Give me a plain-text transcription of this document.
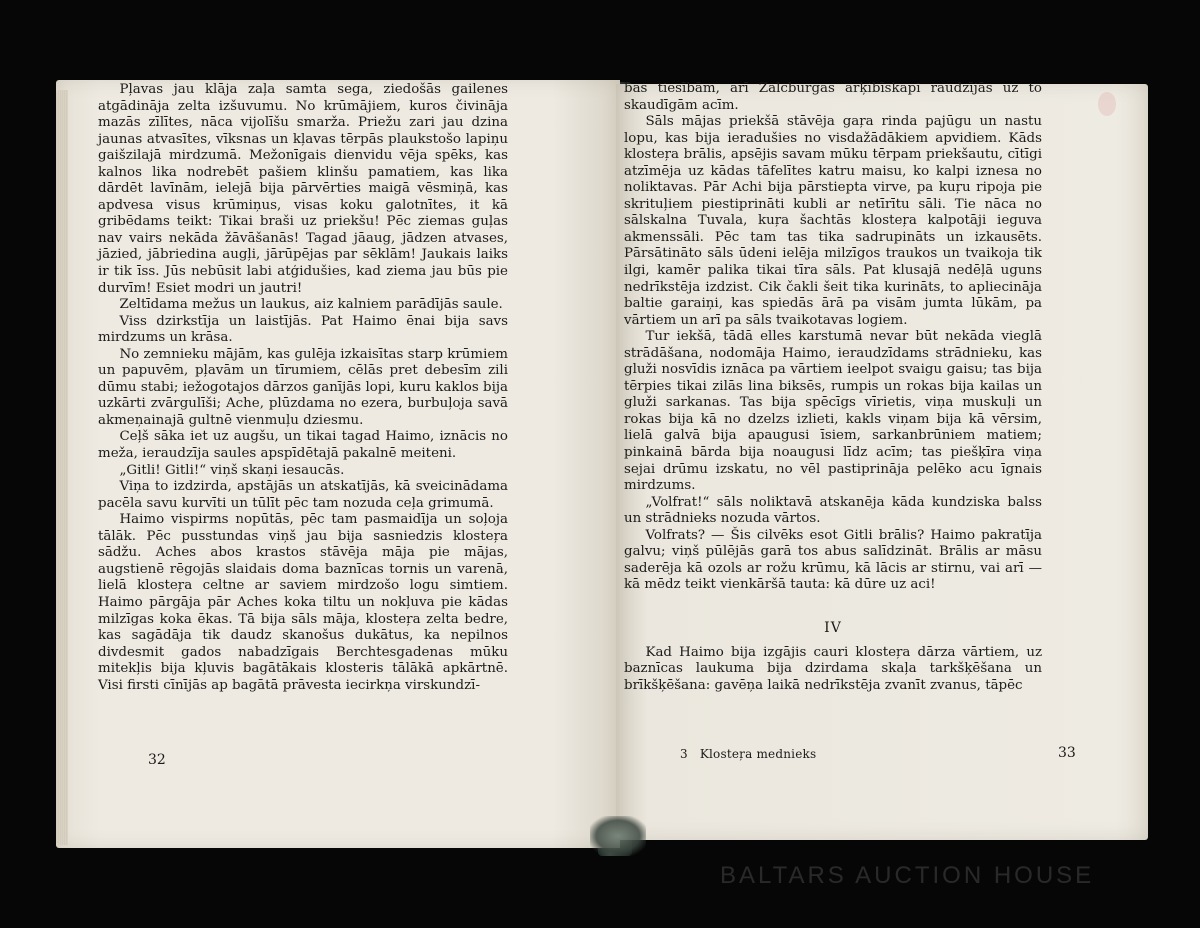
Pļavas jau klāja zaļa samta sega, ziedošās gailenes atgādināja zelta izšuvumu. No krūmājiem, kuros čivināja mazās zīlītes, nāca vijolīšu smarža. Priežu zari jau dzina jaunas atvasītes, vīksnas un kļavas tērpās plaukstošo lapiņu gaišzilajā mirdzumā. Mežonīgais dienvidu vēja spēks, kas kalnos lika nodrebēt pašiem klinšu pamatiem, kas lika dārdēt lavīnām, ielejā bija pārvērties maigā vēsmiņā, kas apdvesa visus krūmiņus, visas koku galotnītes, it kā gribēdams teikt: Tikai braši uz priekšu! Pēc ziemas guļas nav vairs nekāda žāvāšanās! Tagad jāaug, jādzen atvases, jāzied, jābriedina augļi, jārūpējas par sēklām! Jaukais laiks ir tik īss. Jūs nebūsit labi atģidušies, kad ziema jau būs pie durvīm! Esiet modri un jautri!

Zeltīdama mežus un laukus, aiz kalniem parādījās saule.

Viss dzirkstīja un laistījās. Pat Haimo ēnai bija savs mirdzums un krāsa.

No zemnieku mājām, kas gulēja izkaisītas starp krūmiem un papuvēm, pļavām un tīrumiem, cēlās pret debesīm zili dūmu stabi; iežogotajos dārzos ganījās lopi, kuru kaklos bija uzkārti zvārgulīši; Ache, plūzdama no ezera, burbuļoja savā akmeņainajā gultnē vienmuļu dziesmu.

Ceļš sāka iet uz augšu, un tikai tagad Haimo, iznācis no meža, ieraudzīja saules apspīdētajā pakalnē meiteni.

„Gitli! Gitli!“ viņš skaņi iesaucās.

Viņa to izdzirda, apstājās un atskatījās, kā sveicinādama pacēla savu kurvīti un tūlīt pēc tam nozuda ceļa grimumā.

Haimo vispirms nopūtās, pēc tam pasmaidīja un soļoja tālāk. Pēc pusstundas viņš jau bija sasniedzis klosteŗa sādžu. Aches abos krastos stāvēja māja pie mājas, augstienē rēgojās slaidais doma baznīcas tornis un varenā, lielā klosteŗa celtne ar saviem mirdzošo logu simtiem. Haimo pārgāja pār Aches koka tiltu un nokļuva pie kādas milzīgas koka ēkas. Tā bija sāls māja, klosteŗa zelta bedre, kas sagādāja tik daudz skanošus dukātus, ka nepilnos divdesmit gados nabadzīgais Berchtesgadenas mūku mitekļis bija kļuvis bagātākais klosteris tālākā apkārtnē. Visi firsti cīnījās ap bagātā prāvesta iecirkņa virskundzī-

32

bas tiesībām, arī Zalcburgas arķibīskapi raudzījās uz to skaudīgām acīm.

Sāls mājas priekšā stāvēja gaŗa rinda pajūgu un nastu lopu, kas bija ieradušies no visdažādākiem apvidiem. Kāds klosteŗa brālis, apsējis savam mūku tērpam priekšautu, cītīgi atzīmēja uz kādas tāfelītes katru maisu, ko kalpi iznesa no noliktavas. Pār Achi bija pārstiepta virve, pa kuŗu ripoja pie skrituļiem piestiprināti kubli ar netīrītu sāli. Tie nāca no sālskalna Tuvala, kuŗa šachtās klosteŗa kalpotāji ieguva akmenssāli. Pēc tam tas tika sadrupināts un izkausēts. Pārsātināto sāls ūdeni ielēja milzīgos traukos un tvaikoja tik ilgi, kamēr palika tikai tīra sāls. Pat klusajā nedēļā uguns nedrīkstēja izdzist. Cik čakli šeit tika kurināts, to apliecināja baltie garaiņi, kas spiedās ārā pa visām jumta lūkām, pa vārtiem un arī pa sāls tvaikotavas logiem.

Tur iekšā, tādā elles karstumā nevar būt nekāda vieglā strādāšana, nodomāja Haimo, ieraudzīdams strādnieku, kas gluži nosvīdis iznāca pa vārtiem ieelpot svaigu gaisu; tas bija tērpies tikai zilās lina biksēs, rumpis un rokas bija kailas un gluži sarkanas. Tas bija spēcīgs vīrietis, viņa muskuļi un rokas bija kā no dzelzs izlieti, kakls viņam bija kā vērsim, lielā galvā bija apaugusi īsiem, sarkanbrūniem matiem; pinkainā bārda bija noaugusi līdz acīm; tas piešķīra viņa sejai drūmu izskatu, no vēl pastiprināja pelēko acu īgnais mirdzums.

„Volfrat!“ sāls noliktavā atskanēja kāda kundziska balss un strādnieks nozuda vārtos.

Volfrats? — Šis cilvēks esot Gitli brālis? Haimo pakratīja galvu; viņš pūlējās garā tos abus salīdzināt. Brālis ar māsu saderēja kā ozols ar rožu krūmu, kā lācis ar stirnu, vai arī — kā mēdz teikt vienkāršā tauta: kā dūre uz aci!

IV

Kad Haimo bija izgājis cauri klosteŗa dārza vārtiem, uz baznīcas laukuma bija dzirdama skaļa tarkšķēšana un brīkšķēšana: gavēņa laikā nedrīkstēja zvanīt zvanus, tāpēc

3 Klosteŗa mednieks	33
BALTARS AUCTION HOUSE
